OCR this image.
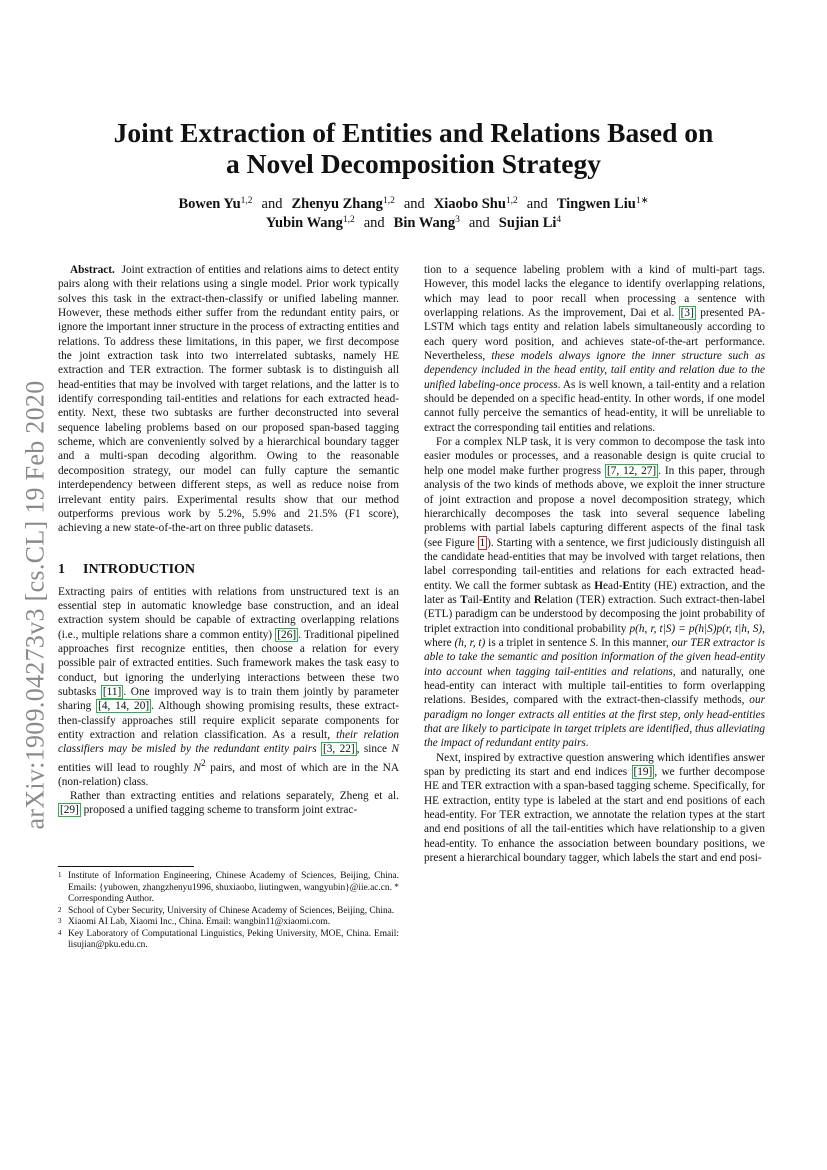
arXiv:1909.04273v3 [cs.CL] 19 Feb 2020
Joint Extraction of Entities and Relations Based on
a Novel Decomposition Strategy
Bowen Yu$^{1,2}$ and Zhenyu Zhang$^{1,2}$ and Xiaobo Shu$^{1,2}$ and Tingwen Liu$^{1∗}$
Yubin Wang$^{1,2}$ and Bin Wang$^3$ and Sujian Li$^4$

Abstract. Joint extraction of entities and relations aims to detect entity pairs along with their relations using a single model. Prior work typically solves this task in the extract-then-classify or unified labeling manner. However, these methods either suffer from the redundant entity pairs, or ignore the important inner structure in the process of extracting entities and relations. To address these limitations, in this paper, we first decompose the joint extraction task into two interrelated subtasks, namely HE extraction and TER extraction. The former subtask is to distinguish all head-entities that may be involved with target relations, and the latter is to identify corresponding tail-entities and relations for each extracted head-entity. Next, these two subtasks are further deconstructed into several sequence labeling problems based on our proposed span-based tagging scheme, which are conveniently solved by a hierarchical boundary tagger and a multi-span decoding algorithm. Owing to the reasonable decomposition strategy, our model can fully capture the semantic interdependency between different steps, as well as reduce noise from irrelevant entity pairs. Experimental results show that our method outperforms previous work by 5.2%, 5.9% and 21.5% (F1 score), achieving a new state-of-the-art on three public datasets.

1 INTRODUCTION

Extracting pairs of entities with relations from unstructured text is an essential step in automatic knowledge base construction, and an ideal extraction system should be capable of extracting overlapping relations (i.e., multiple relations share a common entity) [26] . Traditional pipelined approaches first recognize entities, then choose a relation for every possible pair of extracted entities. Such framework makes the task easy to conduct, but ignoring the underlying interactions between these two subtasks [11] . One improved way is to train them jointly by parameter sharing [4, 14, 20] . Although showing promising results, these extract-then-classify approaches still require explicit separate components for entity extraction and relation classification. As a result, their relation classifiers may be misled by the redundant entity pairs [3, 22] , since N entities will lead to roughly $N^2$ pairs, and most of which are in the NA (non-relation) class.

Rather than extracting entities and relations separately, Zheng et al. [29] proposed a unified tagging scheme to transform joint extrac-

1 Institute of Information Engineering, Chinese Academy of Sciences, Beijing, China. Emails: {yubowen, zhangzhenyu1996, shuxiaobo, liutingwen, wangyubin}@iie.ac.cn. * Corresponding Author.
2 School of Cyber Security, University of Chinese Academy of Sciences, Beijing, China.
3 Xiaomi AI Lab, Xiaomi Inc., China. Email: wangbin11@xiaomi.com.
4 Key Laboratory of Computational Linguistics, Peking University, MOE, China. Email: lisujian@pku.edu.cn.

tion to a sequence labeling problem with a kind of multi-part tags. However, this model lacks the elegance to identify overlapping relations, which may lead to poor recall when processing a sentence with overlapping relations. As the improvement, Dai et al. [3] presented PA-LSTM which tags entity and relation labels simultaneously according to each query word position, and achieves state-of-the-art performance. Nevertheless, these models always ignore the inner structure such as dependency included in the head entity, tail entity and relation due to the unified labeling-once process. As is well known, a tail-entity and a relation should be depended on a specific head-entity. In other words, if one model cannot fully perceive the semantics of head-entity, it will be unreliable to extract the corresponding tail entities and relations.

For a complex NLP task, it is very common to decompose the task into easier modules or processes, and a reasonable design is quite crucial to help one model make further progress [7, 12, 27] . In this paper, through analysis of the two kinds of methods above, we exploit the inner structure of joint extraction and propose a novel decomposition strategy, which hierarchically decomposes the task into several sequence labeling problems with partial labels capturing different aspects of the final task (see Figure 1 ). Starting with a sentence, we first judiciously distinguish all the candidate head-entities that may be involved with target relations, then label corresponding tail-entities and relations for each extracted head-entity. We call the former subtask as Head-Entity (HE) extraction, and the later as Tail-Entity and Relation (TER) extraction. Such extract-then-label (ETL) paradigm can be understood by decomposing the joint probability of triplet extraction into conditional probability p(h, r, t|S) = p(h|S)p(r, t|h, S), where (h, r, t) is a triplet in sentence S. In this manner, our TER extractor is able to take the semantic and position information of the given head-entity into account when tagging tail-entities and relations, and naturally, one head-entity can interact with multiple tail-entities to form overlapping relations. Besides, compared with the extract-then-classify methods, our paradigm no longer extracts all entities at the first step, only head-entities that are likely to participate in target triplets are identified, thus alleviating the impact of redundant entity pairs.

Next, inspired by extractive question answering which identifies answer span by predicting its start and end indices [19] , we further decompose HE and TER extraction with a span-based tagging scheme. Specifically, for HE extraction, entity type is labeled at the start and end positions of each head-entity. For TER extraction, we annotate the relation types at the start and end positions of all the tail-entities which have relationship to a given head-entity. To enhance the association between boundary positions, we present a hierarchical boundary tagger, which labels the start and end posi-
